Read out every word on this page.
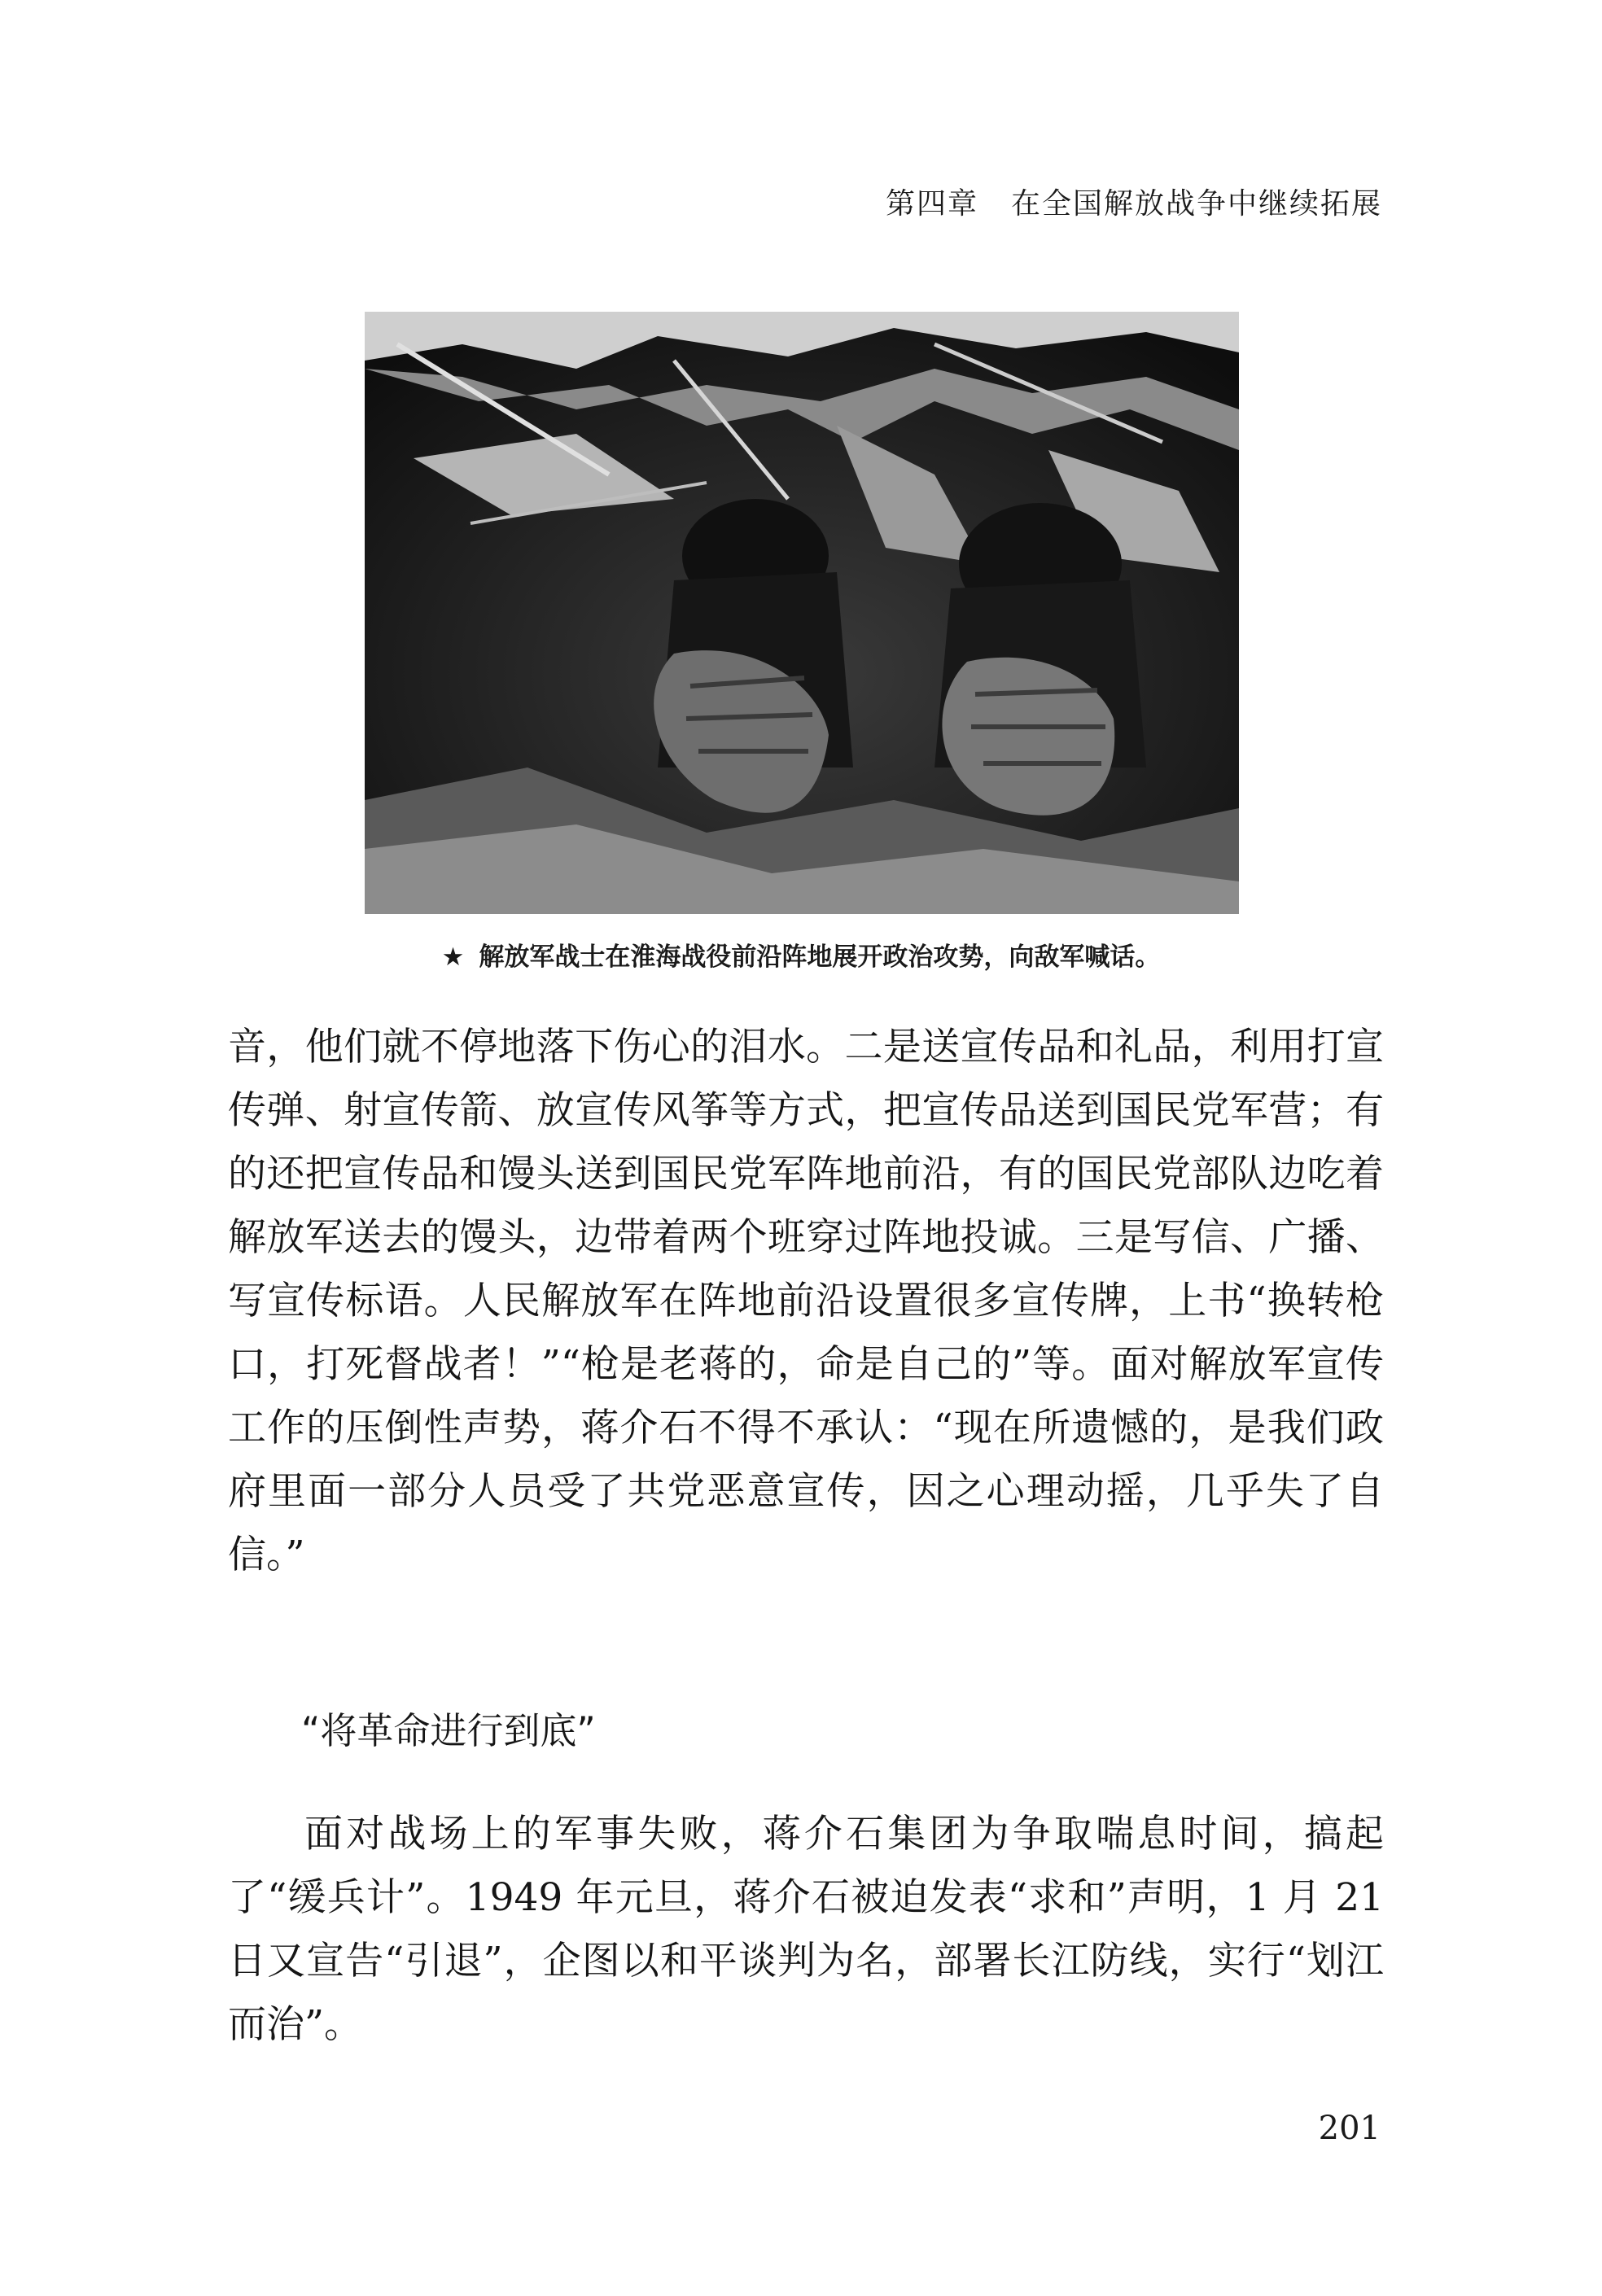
第四章 在全国解放战争中继续拓展
★ 解放军战士在淮海战役前沿阵地展开政治攻势，向敌军喊话。

音，他们就不停地落下伤心的泪水。二是送宣传品和礼品，利用打宣传弹、射宣传箭、放宣传风筝等方式，把宣传品送到国民党军营；有的还把宣传品和馒头送到国民党军阵地前沿，有的国民党部队边吃着解放军送去的馒头，边带着两个班穿过阵地投诚。三是写信、广播、写宣传标语。人民解放军在阵地前沿设置很多宣传牌，上书“换转枪口，打死督战者！”“枪是老蒋的，命是自己的”等。面对解放军宣传工作的压倒性声势，蒋介石不得不承认：“现在所遗憾的，是我们政府里面一部分人员受了共党恶意宣传，因之心理动摇，几乎失了自信。”

“将革命进行到底”

面对战场上的军事失败，蒋介石集团为争取喘息时间，搞起了“缓兵计”。1949 年元旦，蒋介石被迫发表“求和”声明，1 月 21 日又宣告“引退”，企图以和平谈判为名，部署长江防线，实行“划江而治”。

201
